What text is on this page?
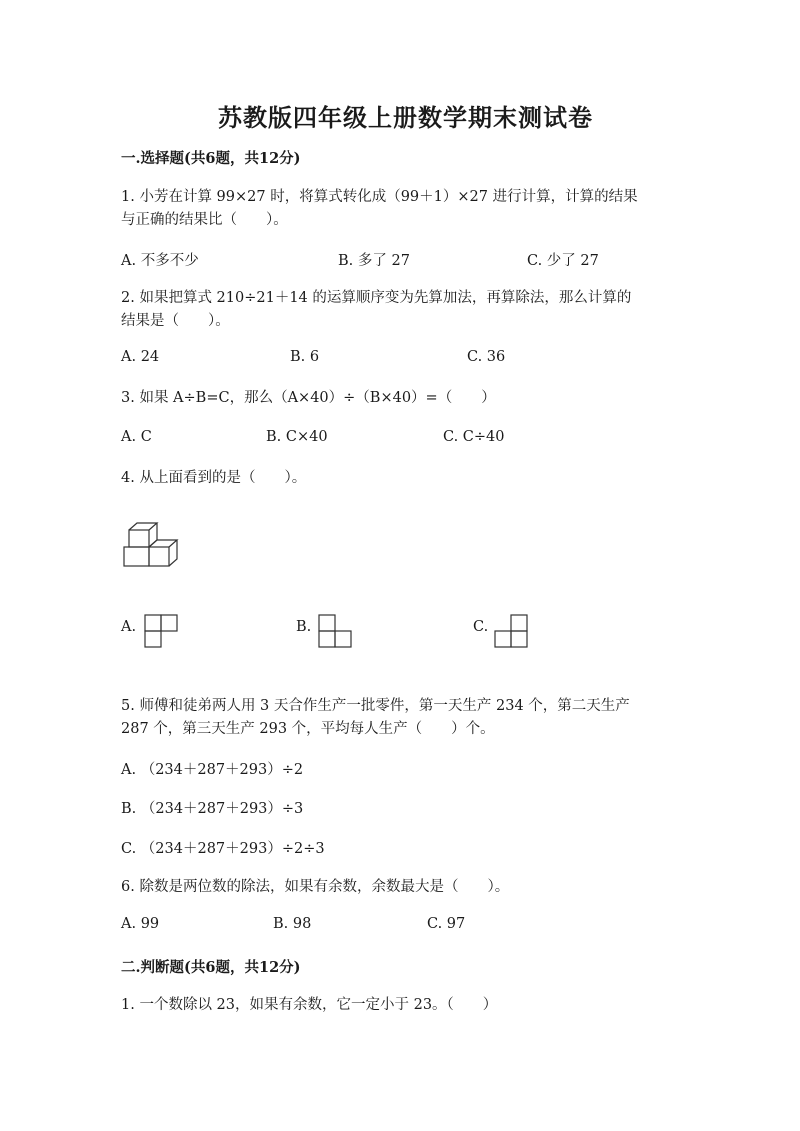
苏教版四年级上册数学期末测试卷
一.选择题(共6题，共12分)
1. 小芳在计算 99×27 时，将算式转化成（99＋1）×27 进行计算，计算的结果
与正确的结果比（　　）。
A. 不多不少	B. 多了 27	C. 少了 27
2. 如果把算式 210÷21＋14 的运算顺序变为先算加法，再算除法，那么计算的
结果是（　　）。
A. 24	B. 6	C. 36
3. 如果 A÷B=C，那么（A×40）÷（B×40）=（　　）
A. C	B. C×40	C. C÷40
4. 从上面看到的是（　　）。
A.	B.	C.
5. 师傅和徒弟两人用 3 天合作生产一批零件，第一天生产 234 个，第二天生产
287 个，第三天生产 293 个，平均每人生产（　　）个。
A. （234＋287＋293）÷2
B. （234＋287＋293）÷3
C. （234＋287＋293）÷2÷3
6. 除数是两位数的除法，如果有余数，余数最大是（　　）。
A. 99	B. 98	C. 97
二.判断题(共6题，共12分)
1. 一个数除以 23，如果有余数，它一定小于 23。（　　）
